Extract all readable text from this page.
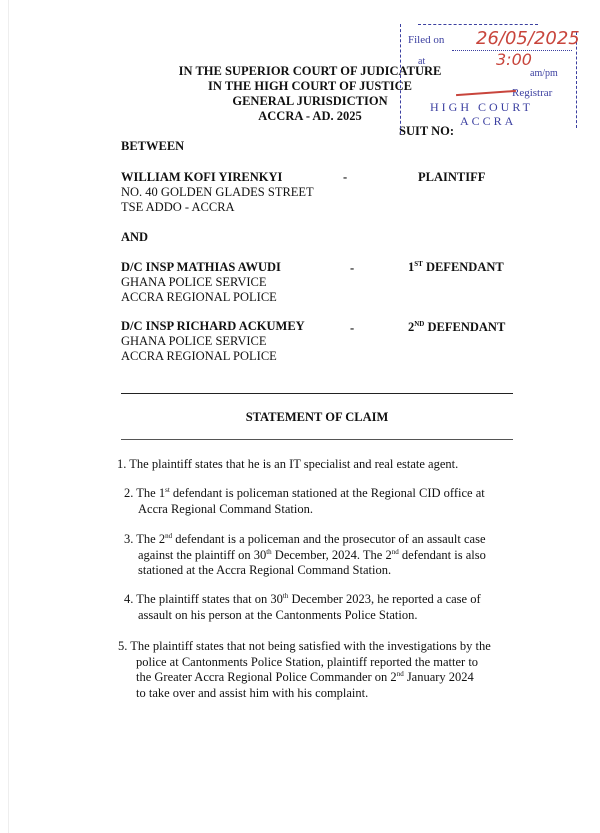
IN THE SUPERIOR COURT OF JUDICATURE
IN THE HIGH COURT OF JUSTICE
GENERAL JURISDICTION
ACCRA - AD. 2025
SUIT NO:
Filed on 26/05/2025
at	3:00
am/pm
Registrar
HIGH COURT
ACCRA
BETWEEN
WILLIAM KOFI YIRENKYI
NO. 40 GOLDEN GLADES STREET
TSE ADDO - ACCRA
-	PLAINTIFF
AND
D/C INSP MATHIAS AWUDI
GHANA POLICE SERVICE
ACCRA REGIONAL POLICE
-	1ST DEFENDANT
D/C INSP RICHARD ACKUMEY
GHANA POLICE SERVICE
ACCRA REGIONAL POLICE
-	2ND DEFENDANT
STATEMENT OF CLAIM
1. The plaintiff states that he is an IT specialist and real estate agent.
2. The 1st defendant is policeman stationed at the Regional CID office at
Accra Regional Command Station.
3. The 2nd defendant is a policeman and the prosecutor of an assault case
against the plaintiff on 30th December, 2024. The 2nd defendant is also
stationed at the Accra Regional Command Station.
4. The plaintiff states that on 30th December 2023, he reported a case of
assault on his person at the Cantonments Police Station.
5. The plaintiff states that not being satisfied with the investigations by the
police at Cantonments Police Station, plaintiff reported the matter to
the Greater Accra Regional Police Commander on 2nd January 2024
to take over and assist him with his complaint.
